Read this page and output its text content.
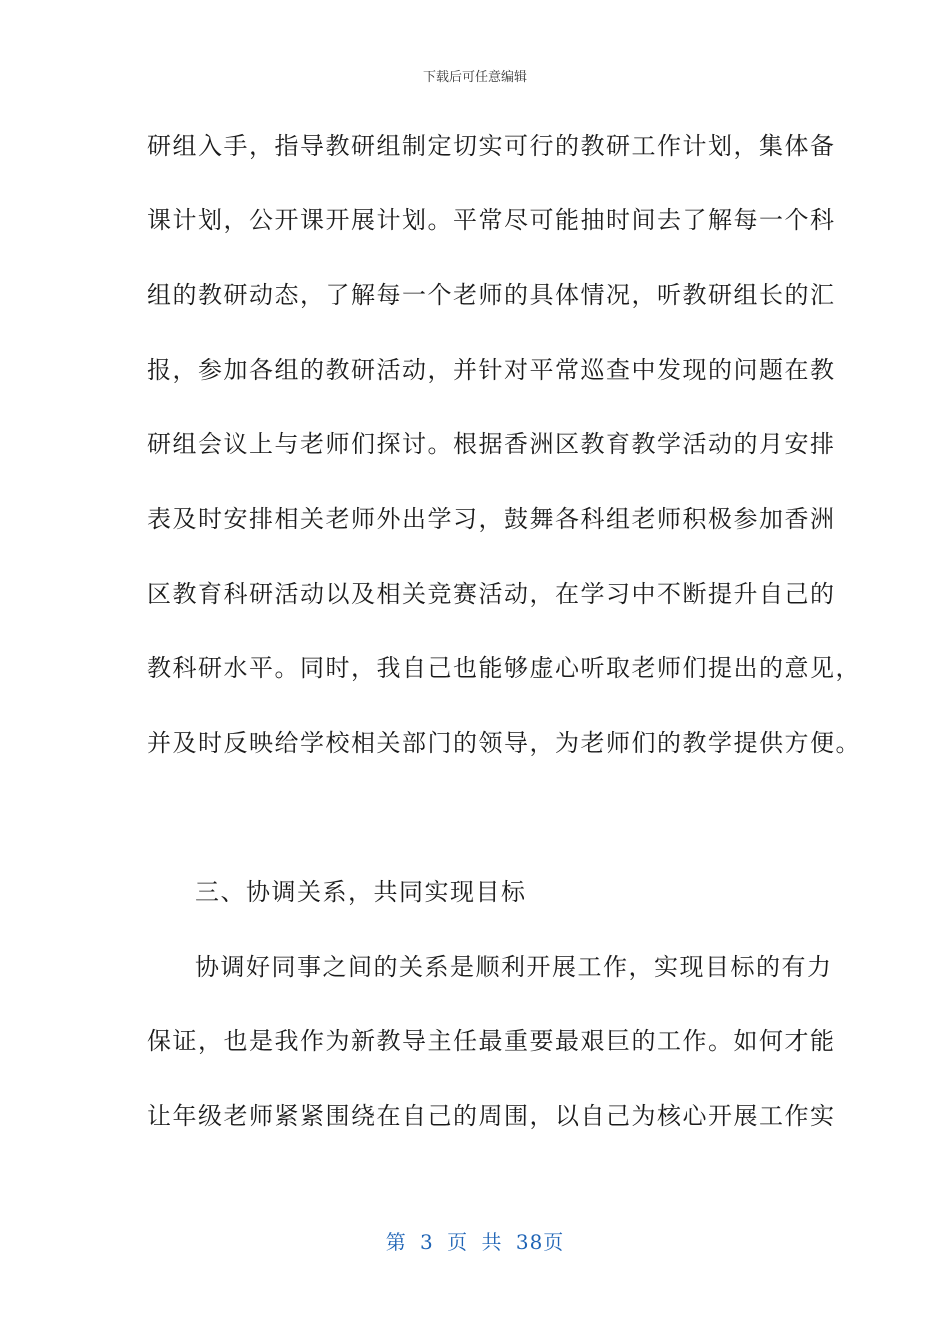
下载后可任意编辑
研组入手，指导教研组制定切实可行的教研工作计划，集体备
课计划，公开课开展计划。平常尽可能抽时间去了解每一个科
组的教研动态，了解每一个老师的具体情况，听教研组长的汇
报，参加各组的教研活动，并针对平常巡查中发现的问题在教
研组会议上与老师们探讨。根据香洲区教育教学活动的月安排
表及时安排相关老师外出学习，鼓舞各科组老师积极参加香洲
区教育科研活动以及相关竞赛活动，在学习中不断提升自己的
教科研水平。同时，我自己也能够虚心听取老师们提出的意见，
并及时反映给学校相关部门的领导，为老师们的教学提供方便。
三、协调关系，共同实现目标
协调好同事之间的关系是顺利开展工作，实现目标的有力
保证，也是我作为新教导主任最重要最艰巨的工作。如何才能
让年级老师紧紧围绕在自己的周围，以自己为核心开展工作实
第 3 页 共 38页
